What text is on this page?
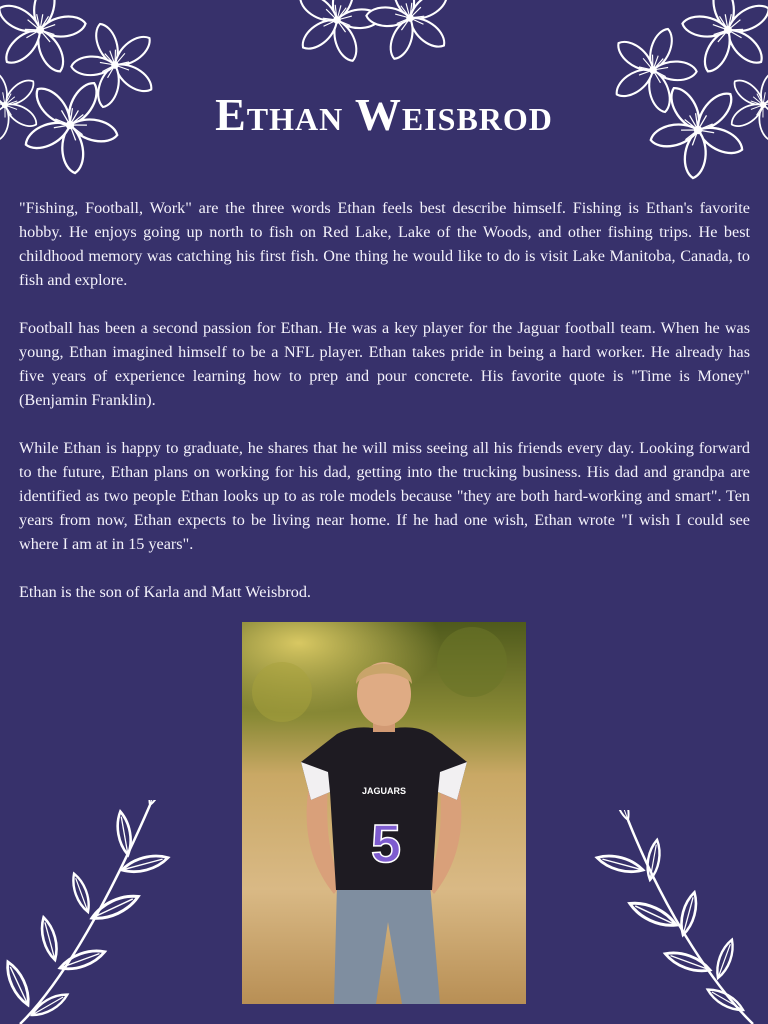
Ethan Weisbrod

"Fishing, Football, Work" are the three words Ethan feels best describe himself. Fishing is Ethan's favorite hobby. He enjoys going up north to fish on Red Lake, Lake of the Woods, and other fishing trips. He best childhood memory was catching his first fish. One thing he would like to do is visit Lake Manitoba, Canada, to fish and explore.

Football has been a second passion for Ethan. He was a key player for the Jaguar football team. When he was young, Ethan imagined himself to be a NFL player. Ethan takes pride in being a hard worker. He already has five years of experience learning how to prep and pour concrete. His favorite quote is "Time is Money" (Benjamin Franklin).

While Ethan is happy to graduate, he shares that he will miss seeing all his friends every day. Looking forward to the future, Ethan plans on working for his dad, getting into the trucking business. His dad and grandpa are identified as two people Ethan looks up to as role models because "they are both hard-working and smart". Ten years from now, Ethan expects to be living near home. If he had one wish, Ethan wrote "I wish I could see where I am at in 15 years".

Ethan is the son of Karla and Matt Weisbrod.

JAGUARS
5
